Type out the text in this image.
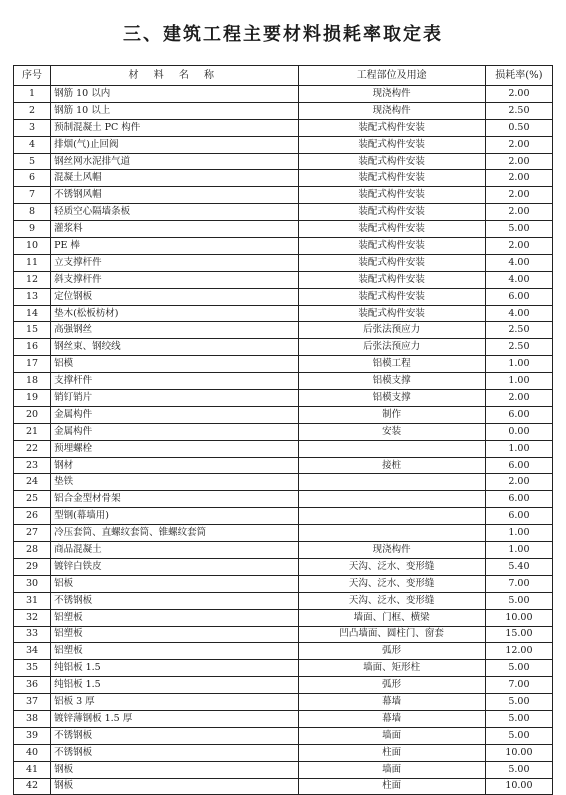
三、建筑工程主要材料损耗率取定表
序号	材 料 名 称	工程部位及用途	损耗率(%)
1	钢筋 10 以内	现浇构件	2.00
2	钢筋 10 以上	现浇构件	2.50
3	预制混凝土 PC 构件	装配式构件安装	0.50
4	排烟(气)止回阀	装配式构件安装	2.00
5	钢丝网水泥排气道	装配式构件安装	2.00
6	混凝土风帽	装配式构件安装	2.00
7	不锈钢风帽	装配式构件安装	2.00
8	轻质空心隔墙条板	装配式构件安装	2.00
9	灌浆料	装配式构件安装	5.00
10	PE 棒	装配式构件安装	2.00
11	立支撑杆件	装配式构件安装	4.00
12	斜支撑杆件	装配式构件安装	4.00
13	定位钢板	装配式构件安装	6.00
14	垫木(松板枋材)	装配式构件安装	4.00
15	高强钢丝	后张法预应力	2.50
16	钢丝束、钢绞线	后张法预应力	2.50
17	铝模	铝模工程	1.00
18	支撑杆件	铝模支撑	1.00
19	销钉销片	铝模支撑	2.00
20	金属构件	制作	6.00
21	金属构件	安装	0.00
22	预埋螺栓		1.00
23	钢材	接桩	6.00
24	垫铁		2.00
25	铝合金型材骨架		6.00
26	型钢(幕墙用)		6.00
27	冷压套筒、直螺纹套筒、锥螺纹套筒		1.00
28	商品混凝土	现浇构件	1.00
29	镀锌白铁皮	天沟、泛水、变形缝	5.40
30	铝板	天沟、泛水、变形缝	7.00
31	不锈钢板	天沟、泛水、变形缝	5.00
32	铝塑板	墙面、门框、横梁	10.00
33	铝塑板	凹凸墙面、圆柱门、窗套	15.00
34	铝塑板	弧形	12.00
35	纯铝板 1.5	墙面、矩形柱	5.00
36	纯铝板 1.5	弧形	7.00
37	铝板 3 厚	幕墙	5.00
38	镀锌薄钢板 1.5 厚	幕墙	5.00
39	不锈钢板	墙面	5.00
40	不锈钢板	柱面	10.00
41	钢板	墙面	5.00
42	钢板	柱面	10.00
